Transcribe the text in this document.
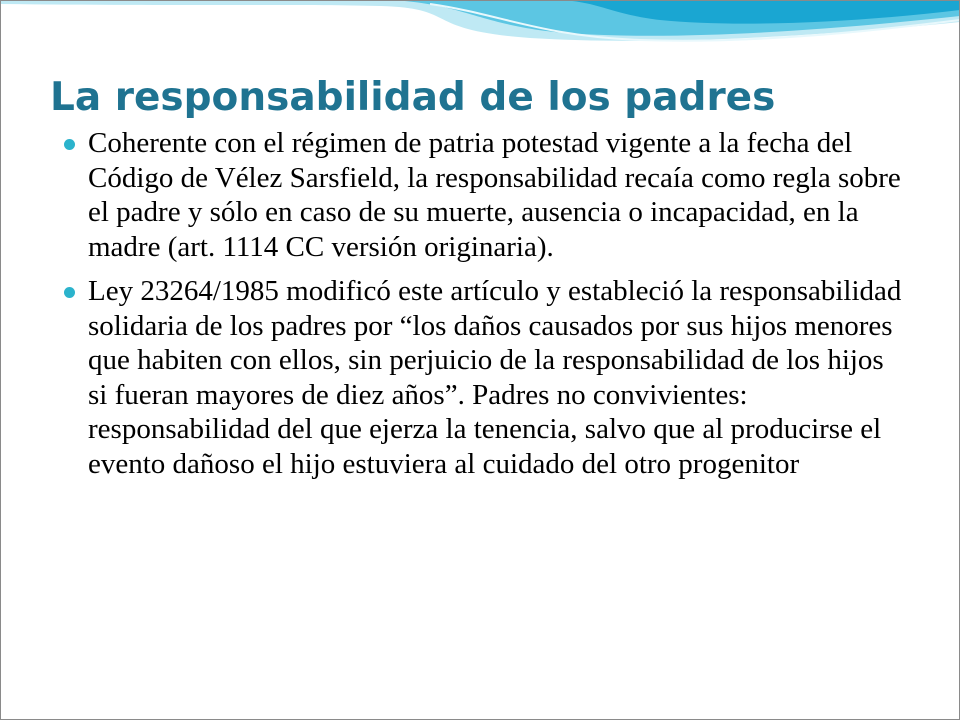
La responsabilidad de los padres
Coherente con el régimen de patria potestad vigente a la fecha del Código de Vélez Sarsfield, la responsabilidad recaía como regla sobre el padre y sólo en caso de su muerte, ausencia o incapacidad, en la madre (art. 1114 CC versión originaria).
Ley 23264/1985 modificó este artículo y estableció la responsabilidad solidaria de los padres por “los daños causados por sus hijos menores que habiten con ellos, sin perjuicio de la responsabilidad de los hijos si fueran mayores de diez años”. Padres no convivientes: responsabilidad del que ejerza la tenencia, salvo que al producirse el evento dañoso el hijo estuviera al cuidado del otro progenitor
